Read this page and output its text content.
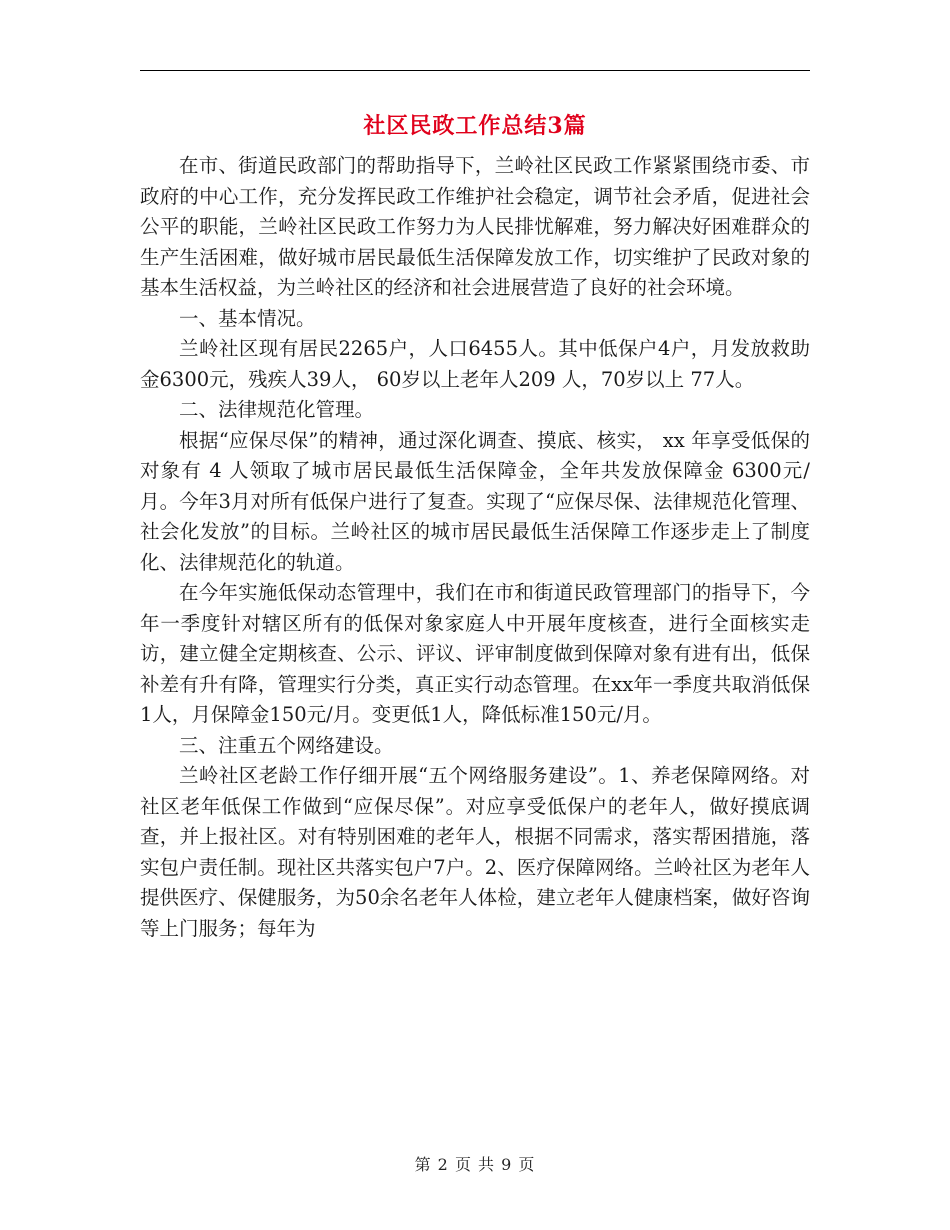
社区民政工作总结3篇

在市、街道民政部门的帮助指导下，兰岭社区民政工作紧紧围绕市委、市政府的中心工作，充分发挥民政工作维护社会稳定，调节社会矛盾，促进社会公平的职能，兰岭社区民政工作努力为人民排忧解难，努力解决好困难群众的生产生活困难，做好城市居民最低生活保障发放工作，切实维护了民政对象的基本生活权益，为兰岭社区的经济和社会进展营造了良好的社会环境。

一、基本情况。

兰岭社区现有居民2265户，人口6455人。其中低保户4户，月发放救助金6300元，残疾人39人， 60岁以上老年人209 人，70岁以上 77人。

二、法律规范化管理。

根据“应保尽保”的精神，通过深化调查、摸底、核实， xx 年享受低保的对象有 4 人领取了城市居民最低生活保障金，全年共发放保障金 6300元/月。今年3月对所有低保户进行了复查。实现了“应保尽保、法律规范化管理、社会化发放”的目标。兰岭社区的城市居民最低生活保障工作逐步走上了制度化、法律规范化的轨道。

在今年实施低保动态管理中，我们在市和街道民政管理部门的指导下，今年一季度针对辖区所有的低保对象家庭人中开展年度核查，进行全面核实走访，建立健全定期核查、公示、评议、评审制度做到保障对象有进有出，低保补差有升有降，管理实行分类，真正实行动态管理。在xx年一季度共取消低保1人，月保障金150元/月。变更低1人，降低标准150元/月。

三、注重五个网络建设。

兰岭社区老龄工作仔细开展“五个网络服务建设”。1、养老保障网络。对社区老年低保工作做到“应保尽保”。对应享受低保户的老年人，做好摸底调查，并上报社区。对有特别困难的老年人，根据不同需求，落实帮困措施，落实包户责任制。现社区共落实包户7户。2、医疗保障网络。兰岭社区为老年人提供医疗、保健服务，为50余名老年人体检，建立老年人健康档案，做好咨询等上门服务；每年为

第 2 页 共 9 页
